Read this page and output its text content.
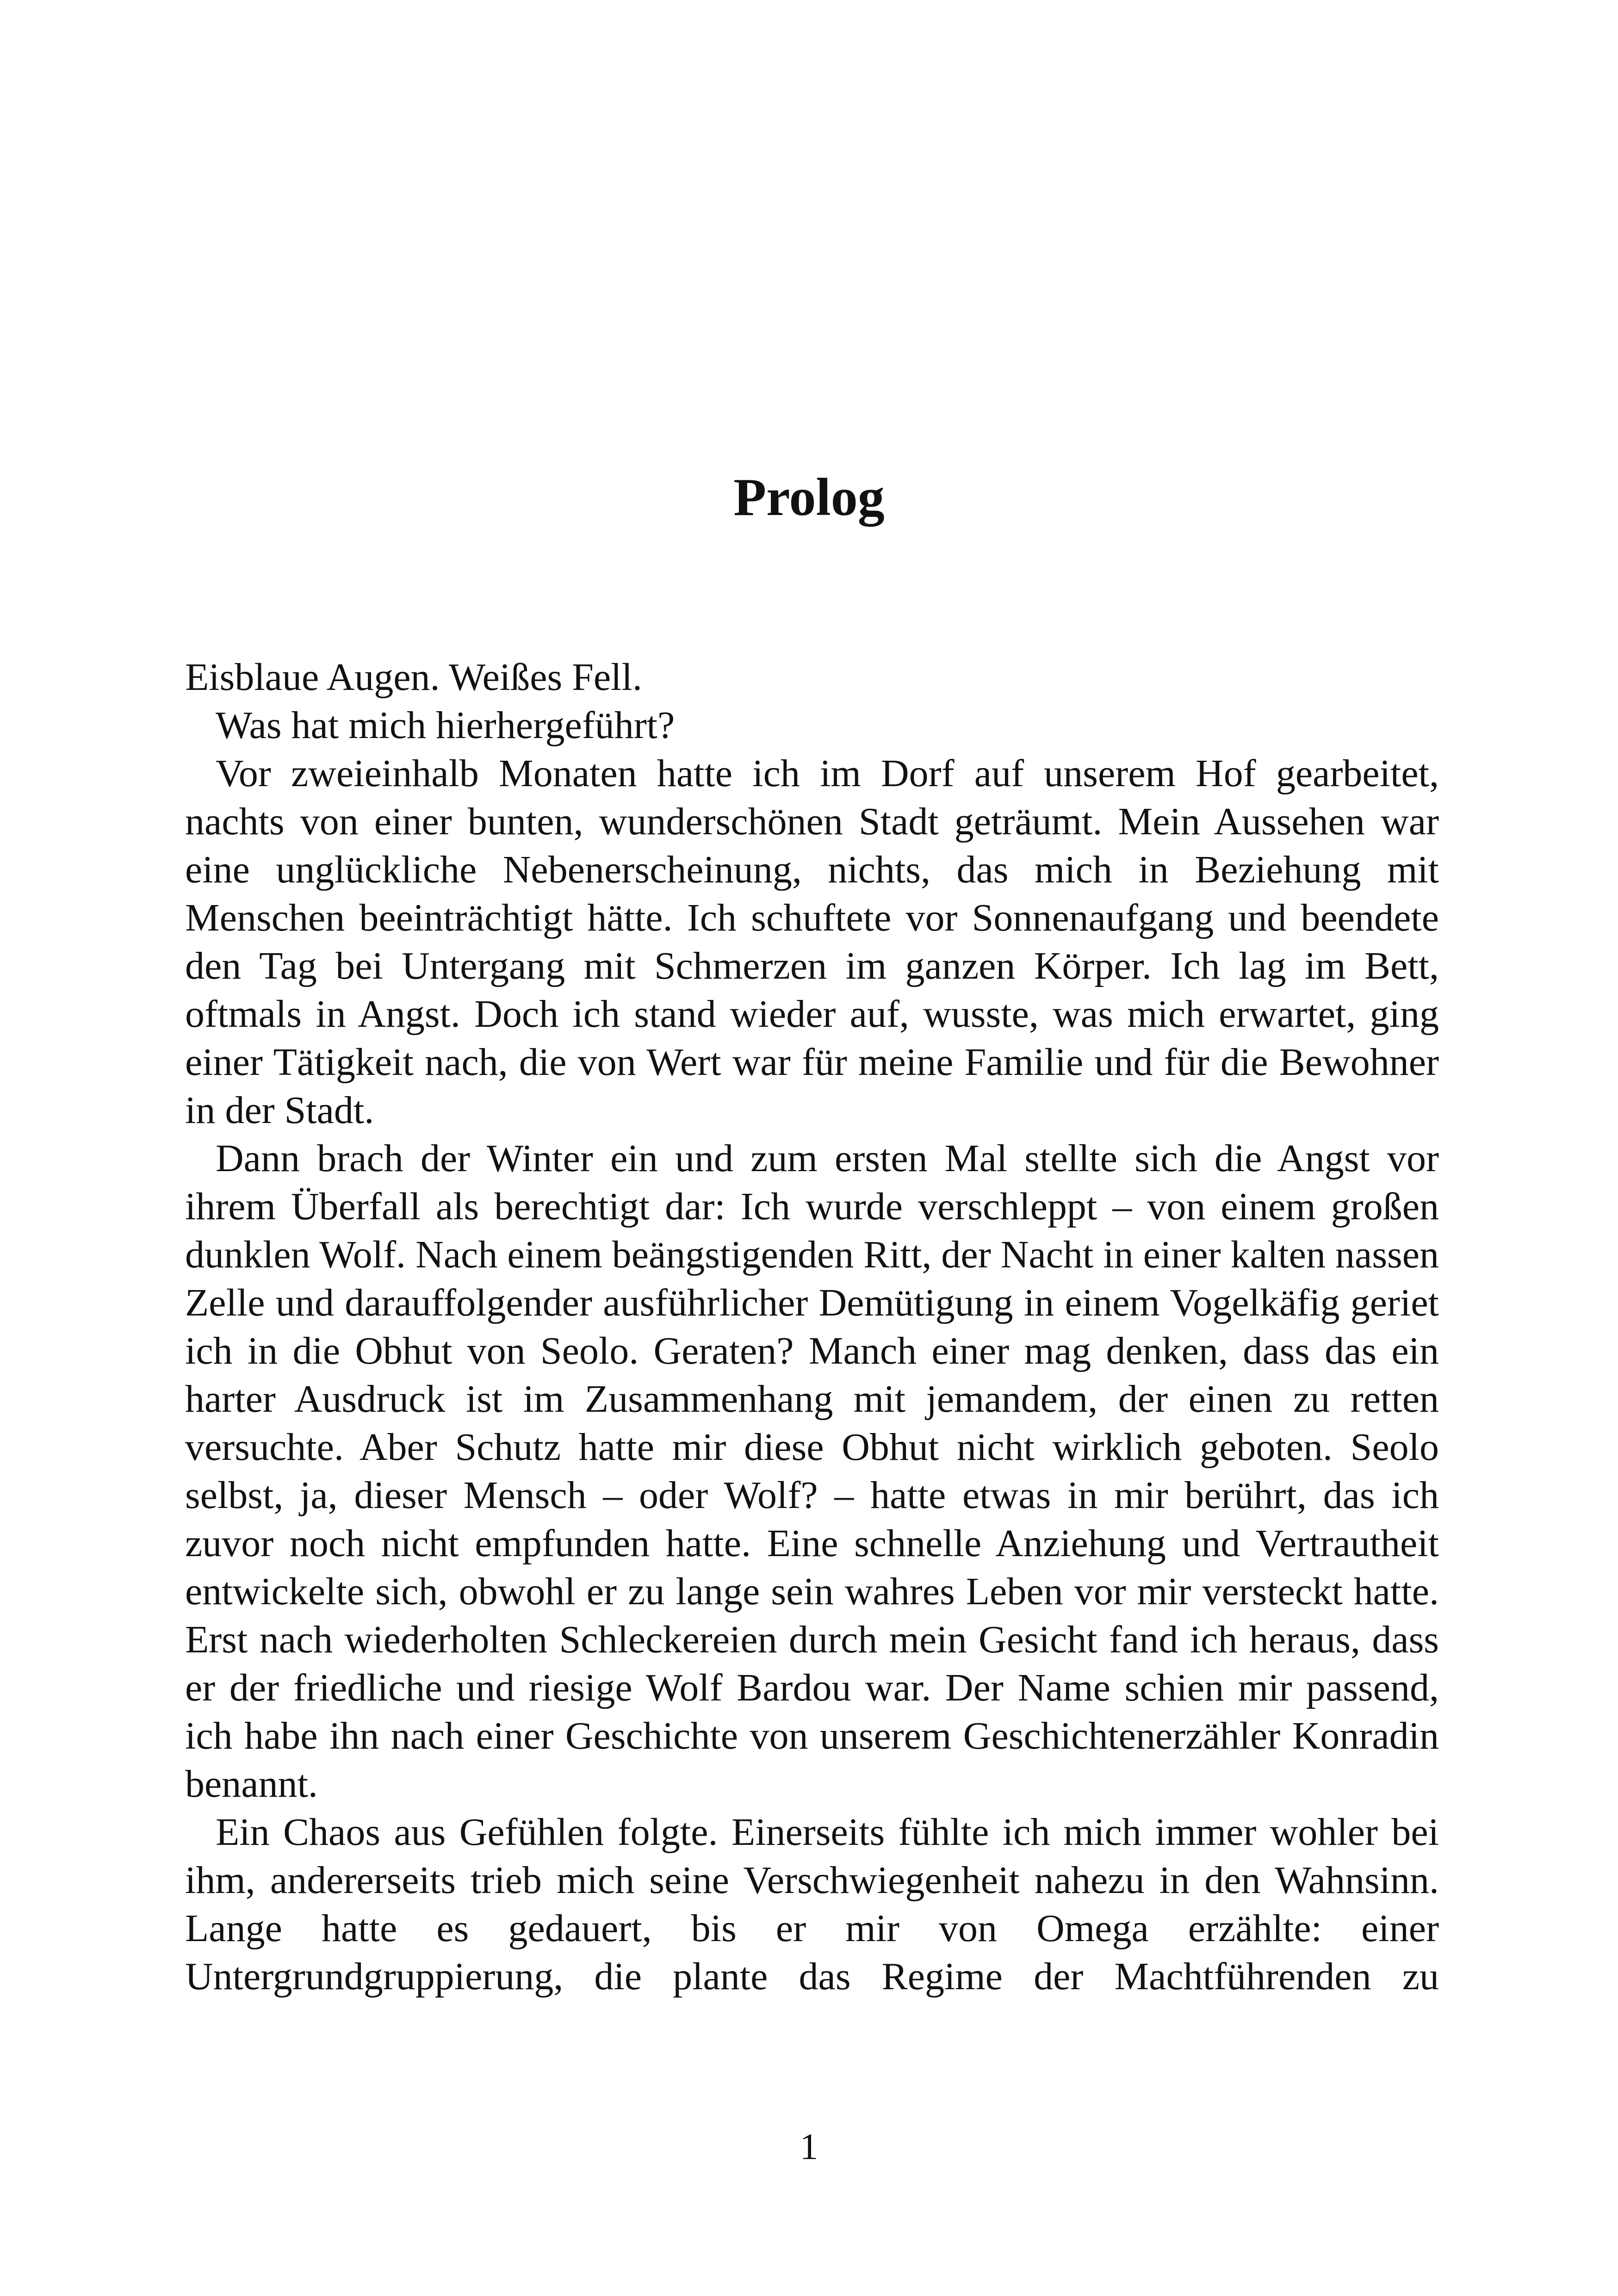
Prolog

Eisblaue Augen. Weißes Fell.

Was hat mich hierhergeführt?

Vor zweieinhalb Monaten hatte ich im Dorf auf unserem Hof gearbeitet, nachts von einer bunten, wunderschönen Stadt geträumt. Mein Aussehen war eine unglückliche Nebenerscheinung, nichts, das mich in Beziehung mit Menschen beeinträchtigt hätte. Ich schuftete vor Sonnenaufgang und beendete den Tag bei Untergang mit Schmerzen im ganzen Körper. Ich lag im Bett, oftmals in Angst. Doch ich stand wieder auf, wusste, was mich erwartet, ging einer Tätigkeit nach, die von Wert war für meine Familie und für die Bewohner in der Stadt.

Dann brach der Winter ein und zum ersten Mal stellte sich die Angst vor ihrem Überfall als berechtigt dar: Ich wurde verschleppt – von einem großen dunklen Wolf. Nach einem beängstigenden Ritt, der Nacht in einer kalten nassen Zelle und darauffolgender ausführlicher Demütigung in einem Vogelkäfig geriet ich in die Obhut von Seolo. Geraten? Manch einer mag denken, dass das ein harter Ausdruck ist im Zusammenhang mit jemandem, der einen zu retten versuchte. Aber Schutz hatte mir diese Obhut nicht wirklich geboten. Seolo selbst, ja, dieser Mensch – oder Wolf? – hatte etwas in mir berührt, das ich zuvor noch nicht empfunden hatte. Eine schnelle Anziehung und Vertrautheit entwickelte sich, obwohl er zu lange sein wahres Leben vor mir versteckt hatte. Erst nach wiederholten Schleckereien durch mein Gesicht fand ich heraus, dass er der friedliche und riesige Wolf Bardou war. Der Name schien mir passend, ich habe ihn nach einer Geschichte von unserem Geschichtenerzähler Konradin benannt.

Ein Chaos aus Gefühlen folgte. Einerseits fühlte ich mich immer wohler bei ihm, andererseits trieb mich seine Verschwiegenheit nahezu in den Wahnsinn. Lange hatte es gedauert, bis er mir von Omega erzählte: einer Untergrundgruppierung, die plante das Regime der Machtführenden zu

1
